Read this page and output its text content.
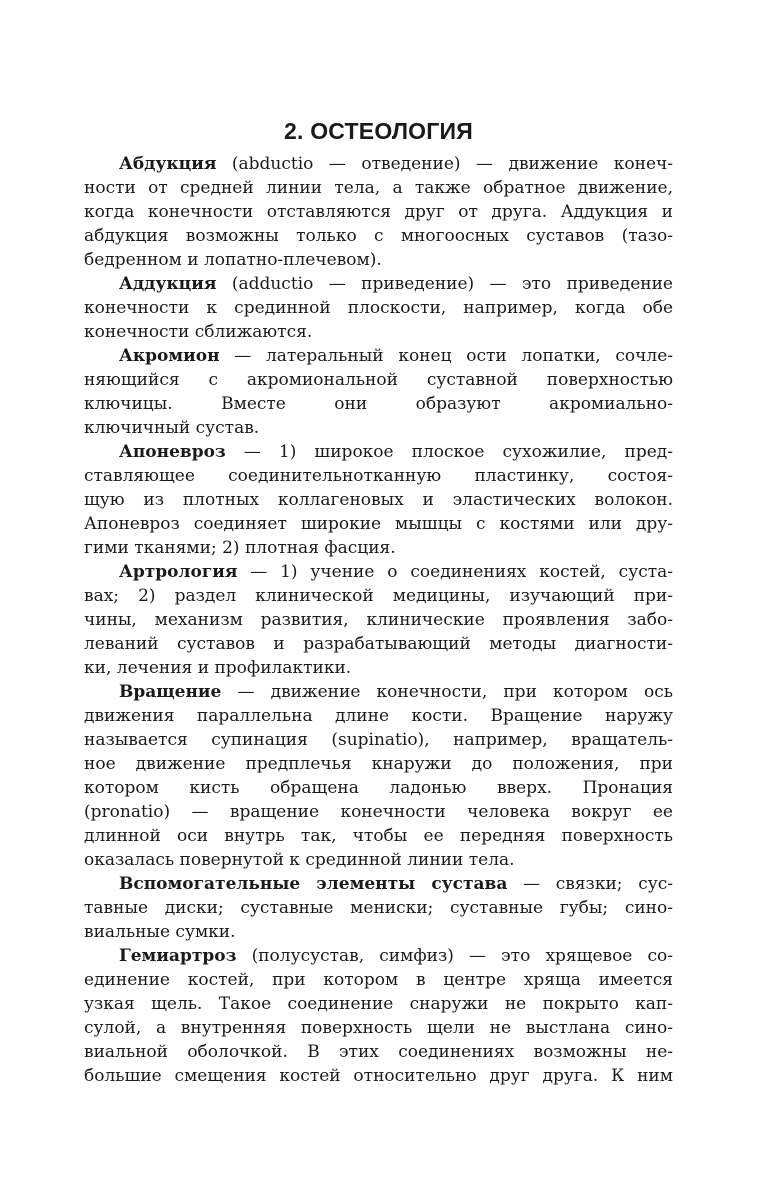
2. ОСТЕОЛОГИЯ
Абдукция (abductio — отведение) — движение конеч-
ности от средней линии тела, а также обратное движение,
когда конечности отставляются друг от друга. Аддукция и
абдукция возможны только с многоосных суставов (тазо-
бедренном и лопатно-плечевом).
Аддукция (adductio — приведение) — это приведение
конечности к срединной плоскости, например, когда обе
конечности сближаются.
Акромион — латеральный конец ости лопатки, сочле-
няющийся с акромиональной суставной поверхностью
ключицы. Вместе они образуют акромиально-
ключичный сустав.
Апоневроз — 1) широкое плоское сухожилие, пред-
ставляющее соединительнотканную пластинку, состоя-
щую из плотных коллагеновых и эластических волокон.
Апоневроз соединяет широкие мышцы с костями или дру-
гими тканями; 2) плотная фасция.
Артрология — 1) учение о соединениях костей, суста-
вах; 2) раздел клинической медицины, изучающий при-
чины, механизм развития, клинические проявления забо-
леваний суставов и разрабатывающий методы диагности-
ки, лечения и профилактики.
Вращение — движение конечности, при котором ось
движения параллельна длине кости. Вращение наружу
называется супинация (supinatio), например, вращатель-
ное движение предплечья кнаружи до положения, при
котором кисть обращена ладонью вверх. Пронация
(pronatio) — вращение конечности человека вокруг ее
длинной оси внутрь так, чтобы ее передняя поверхность
оказалась повернутой к срединной линии тела.
Вспомогательные элементы сустава — связки; сус-
тавные диски; суставные мениски; суставные губы; сино-
виальные сумки.
Гемиартроз (полусустав, симфиз) — это хрящевое со-
единение костей, при котором в центре хряща имеется
узкая щель. Такое соединение снаружи не покрыто кап-
сулой, а внутренняя поверхность щели не выстлана сино-
виальной оболочкой. В этих соединениях возможны не-
большие смещения костей относительно друг друга. К ним
